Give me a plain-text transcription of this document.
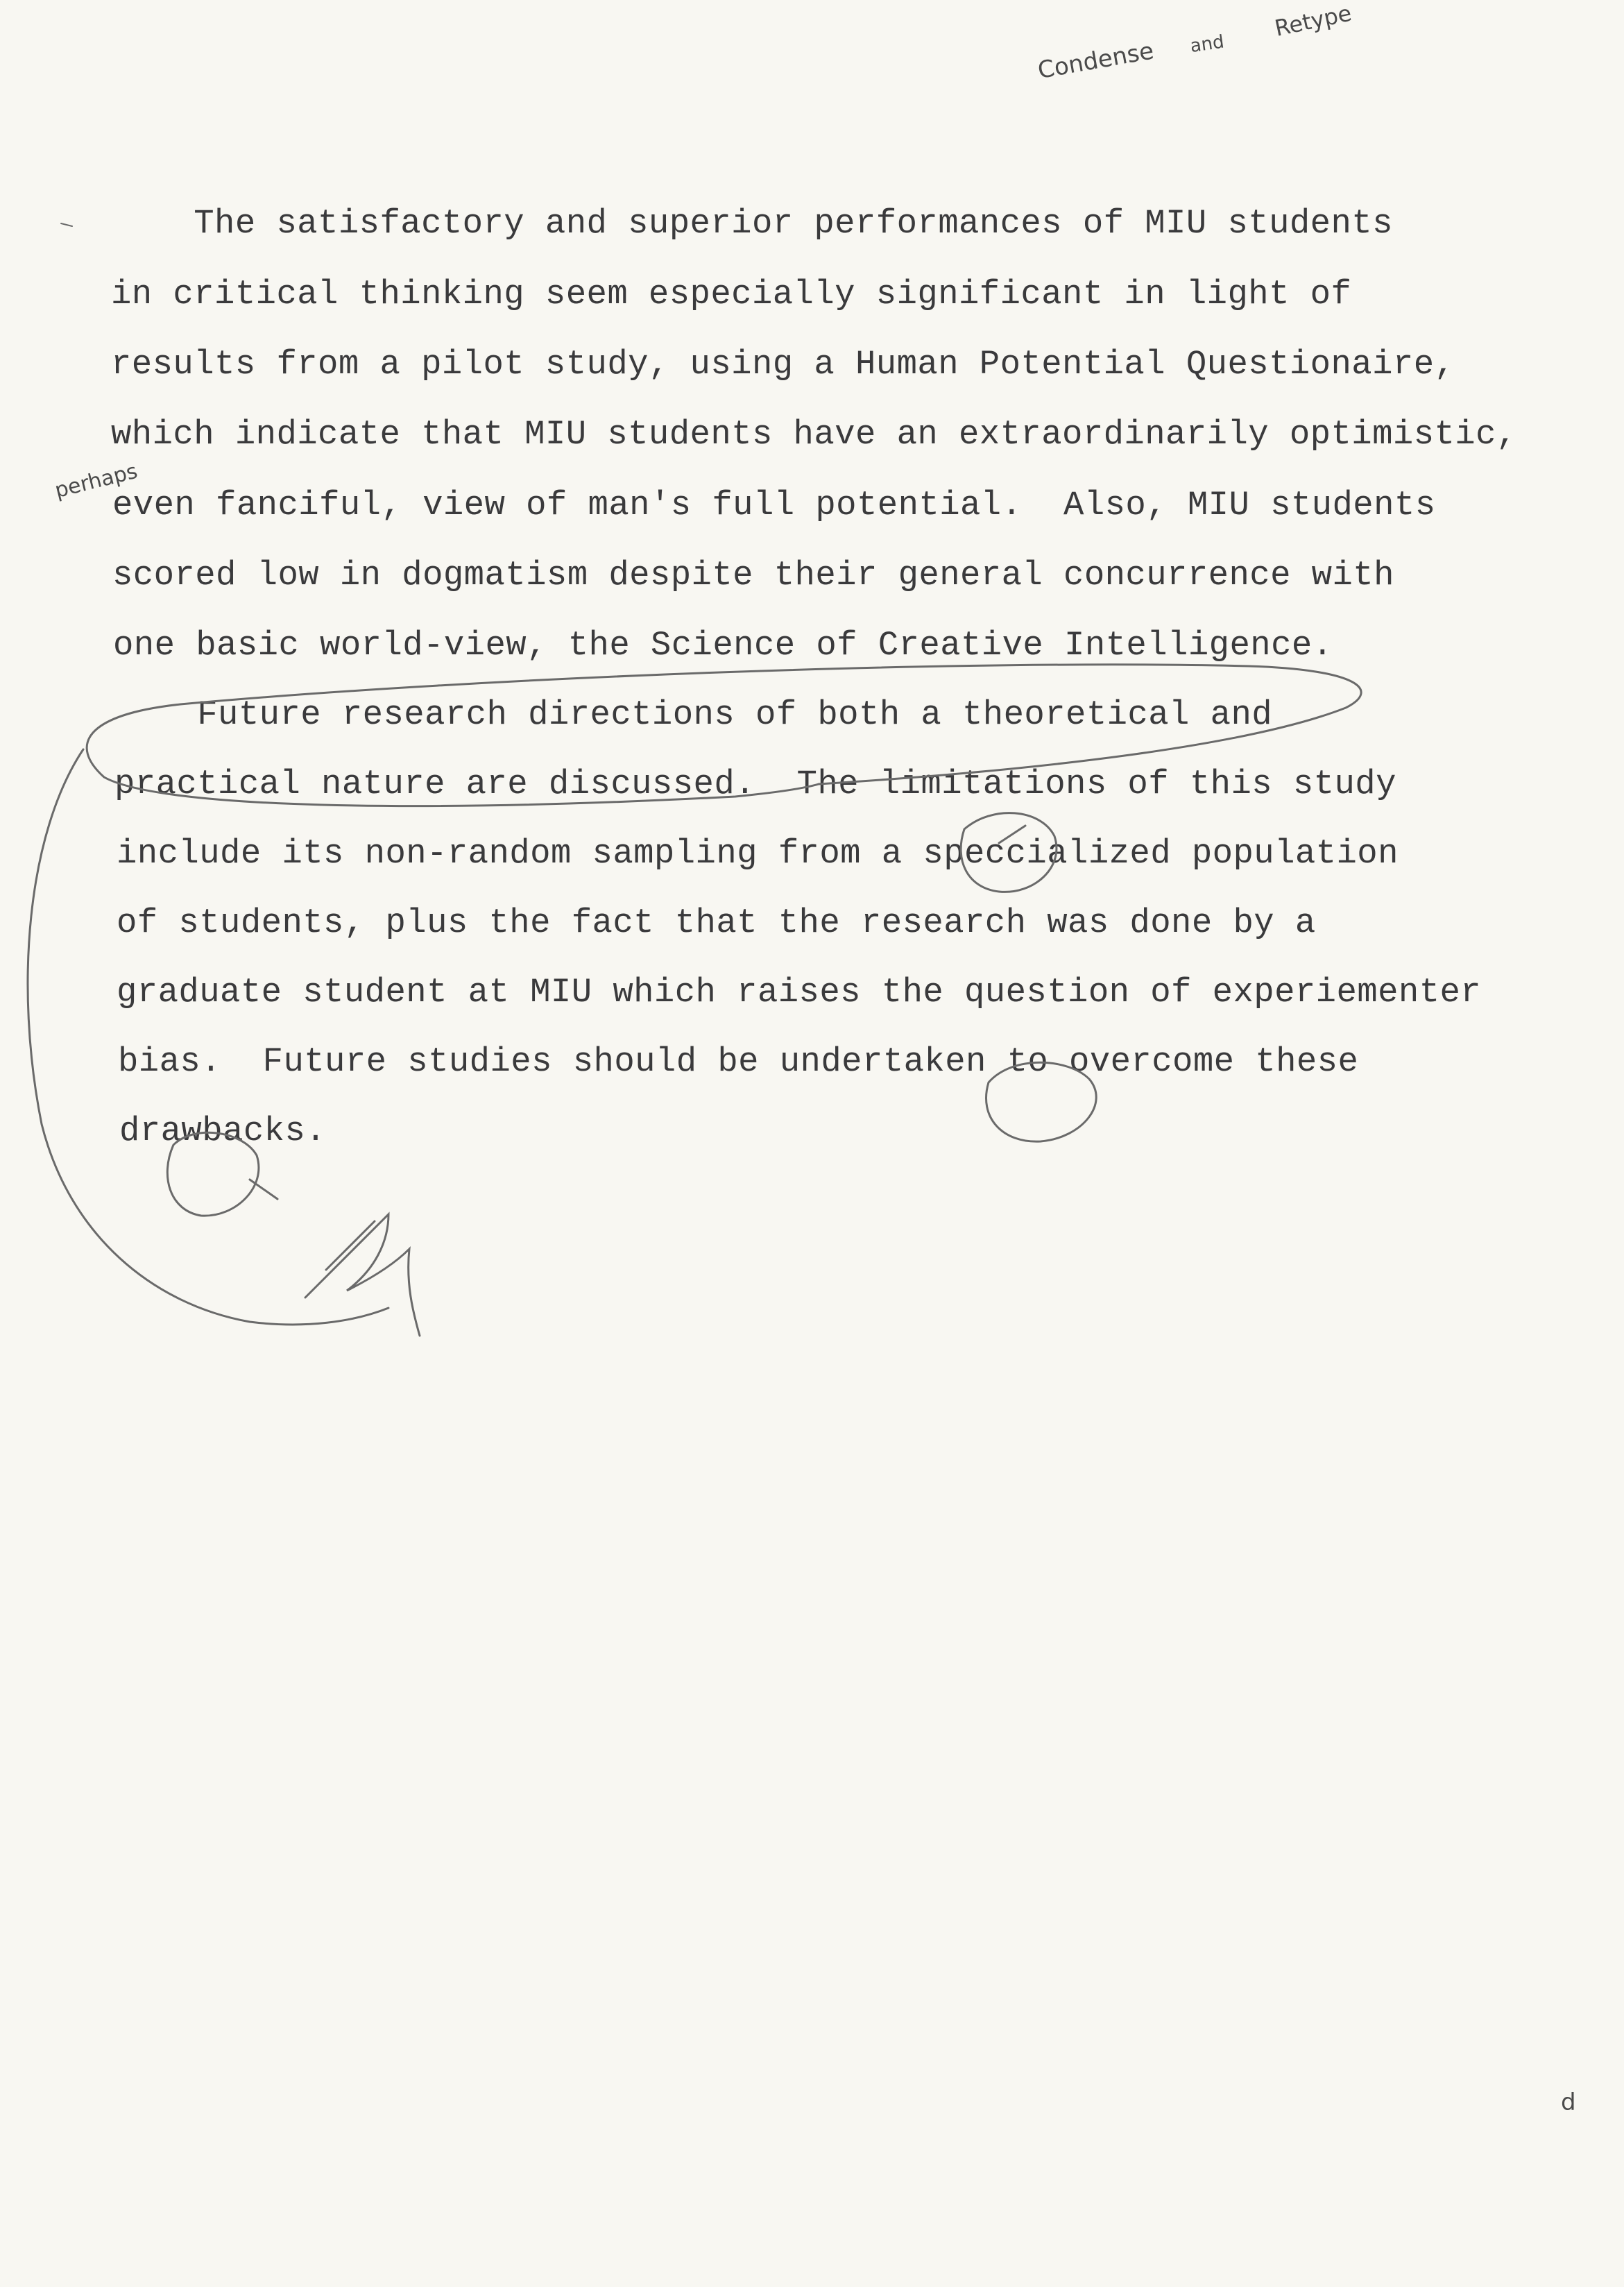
Condense and
Retype
perhaps
d
The satisfactory and superior performances of MIU students
in critical thinking seem especially significant in light of
results from a pilot study, using a Human Potential Questionaire,
which indicate that MIU students have an extraordinarily optimistic,
even fanciful, view of man's full potential.  Also, MIU students
scored low in dogmatism despite their general concurrence with
one basic world-view, the Science of Creative Intelligence.
Future research directions of both a theoretical and
practical nature are discussed.  The limitations of this study
include its non-random sampling from a speccialized population
of students, plus the fact that the research was done by a
graduate student at MIU which raises the question of experiementer
bias.  Future studies should be undertaken to overcome these
drawbacks.
